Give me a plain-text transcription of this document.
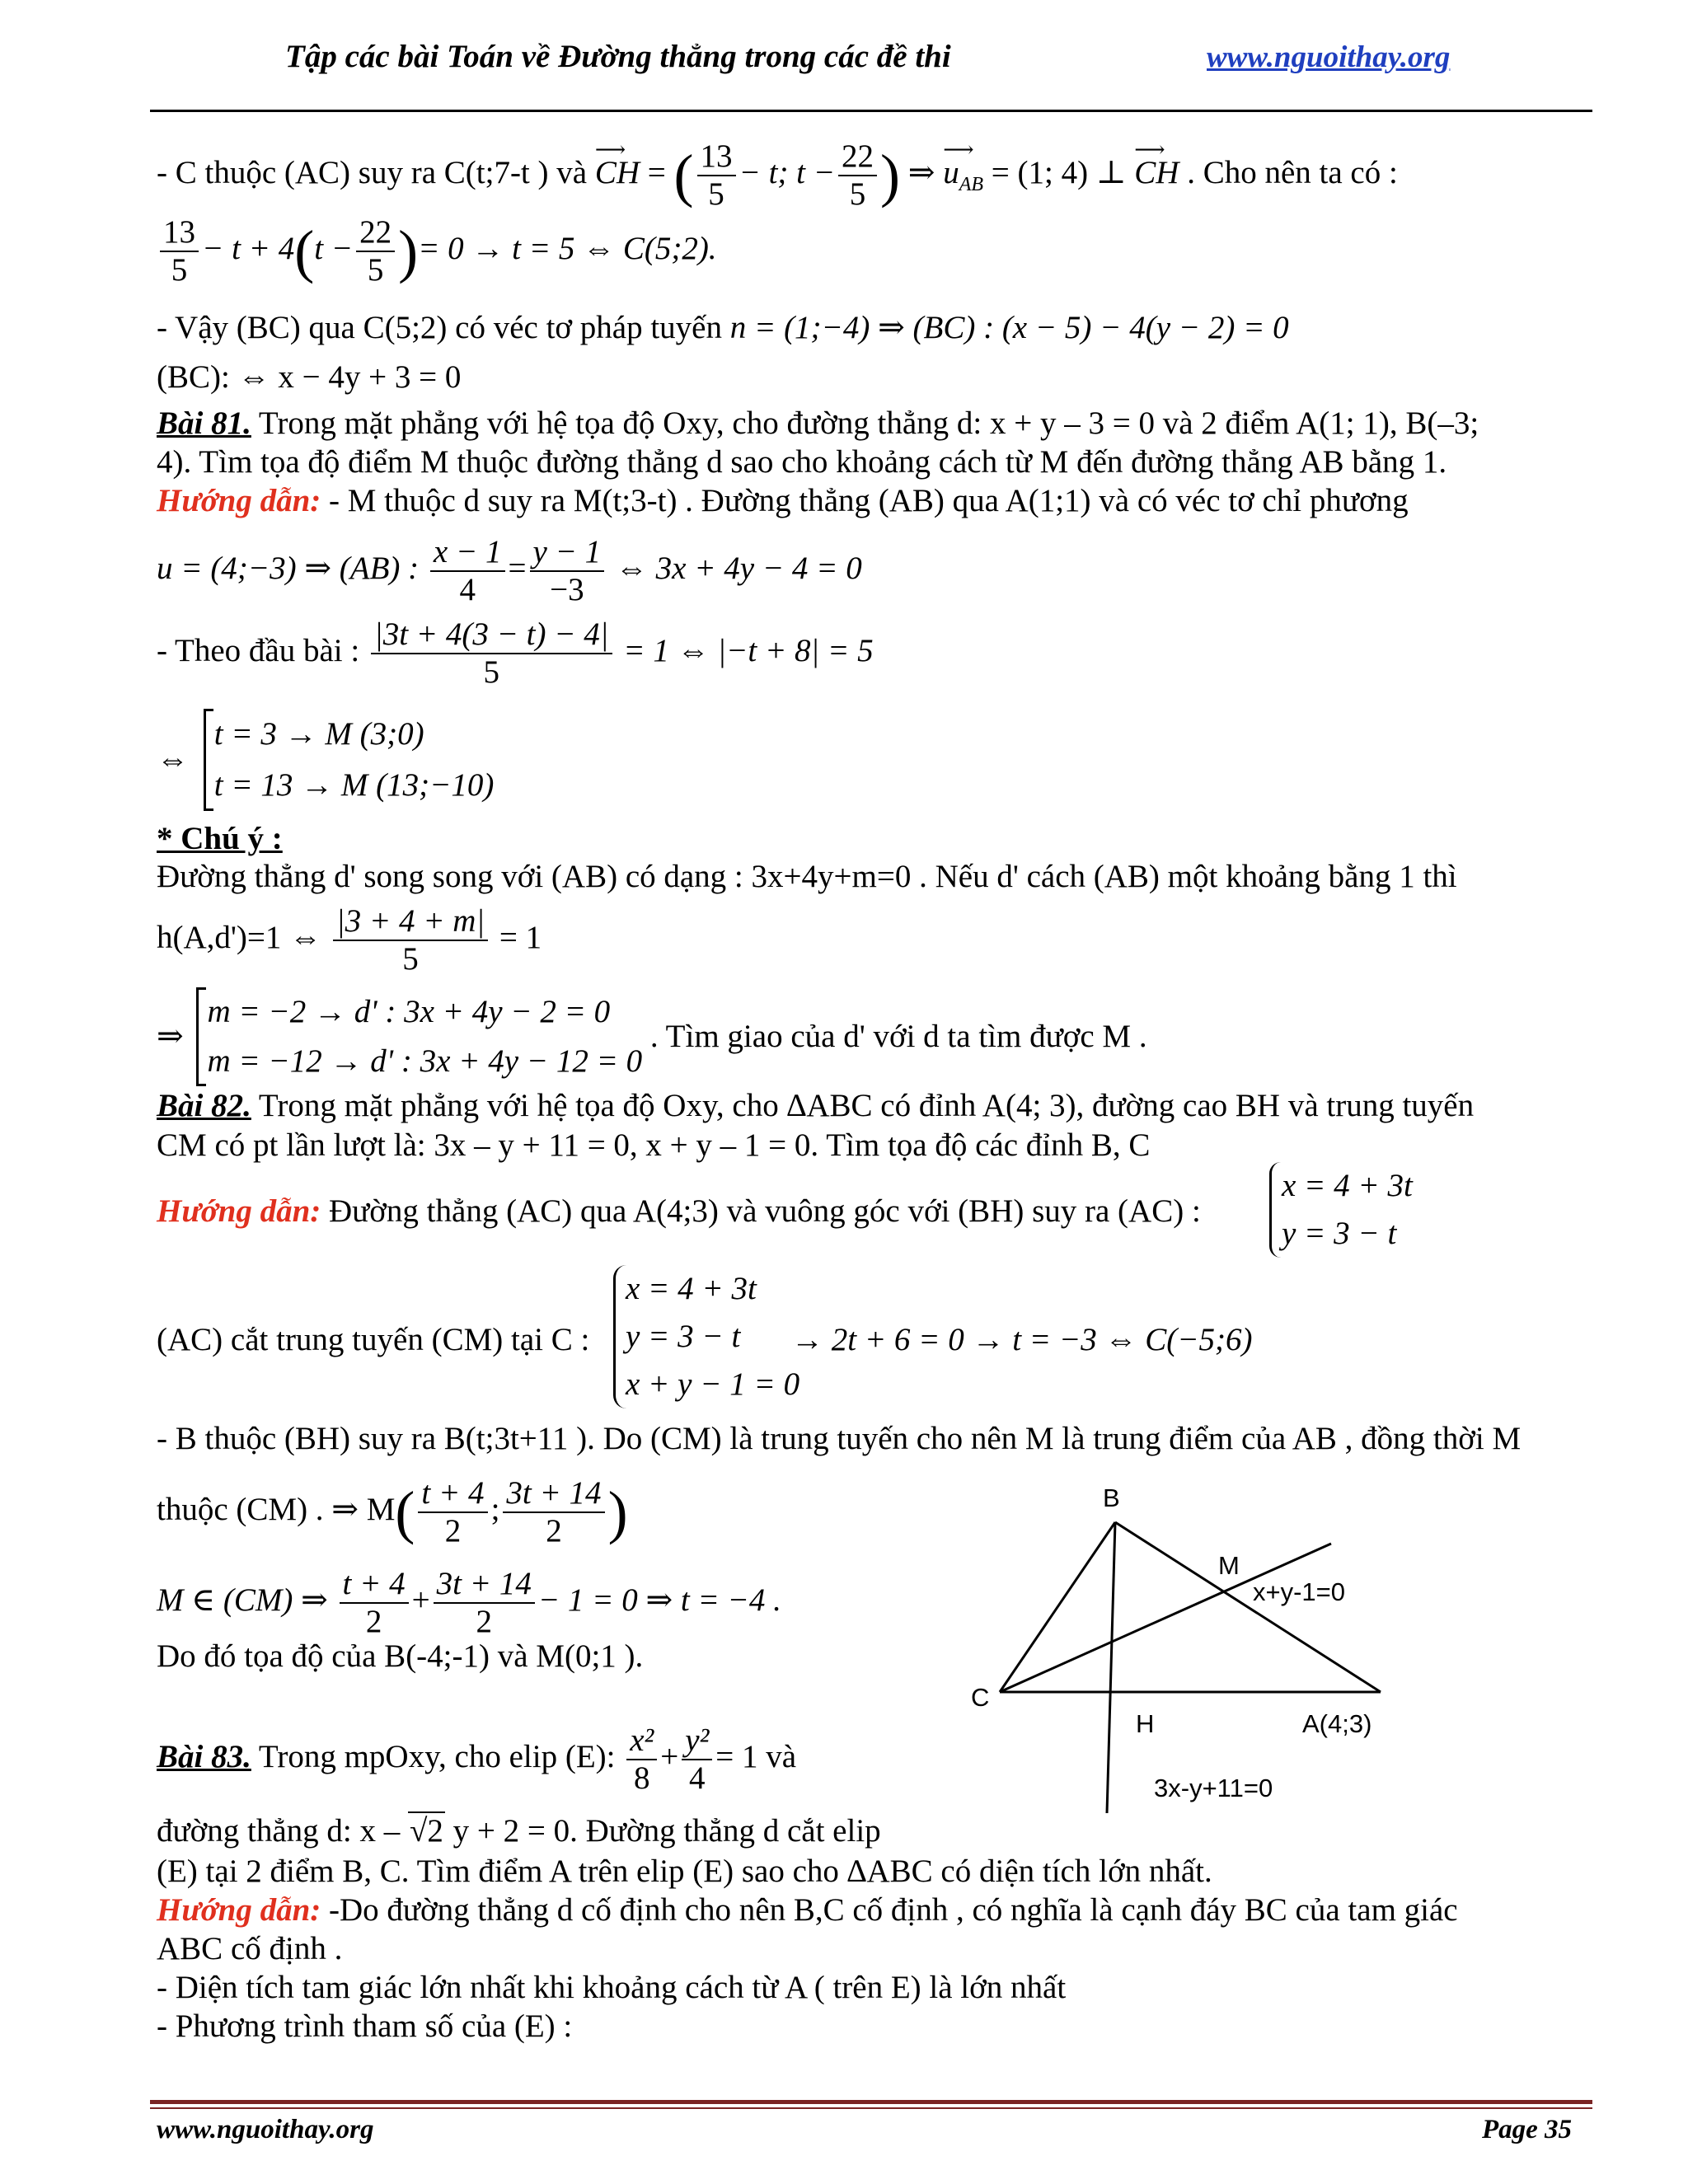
Tập các bài Toán về Đường thẳng trong các đề thi	www.nguoithay.org
- C thuộc (AC) suy ra C(t;7-t ) và
⟶
CH = ( $\frac{13}{5} - t$; $t - \frac{22}{5}$ ) ⇒
⟶
$u_{AB} = (1$; 4) ⊥
⟶
CH . Cho nên ta có :
$\frac{13}{5} - t + 4(t - \frac{22}{5}$ )= 0 → t = 5 ⇔ C(5;2).
- Vậy (BC) qua C(5;2) có véc tơ pháp tuyến n = (1;−4) ⇒ (BC) : (x − 5) − 4(y − 2) = 0
(BC): ⇔ x − 4y + 3 = 0
Bài 81. Trong mặt phẳng với hệ tọa độ Oxy, cho đường thẳng d: x + y – 3 = 0 và 2 điểm A(1; 1), B(–3;
4). Tìm tọa độ điểm M thuộc đường thẳng d sao cho khoảng cách từ M đến đường thẳng AB bằng 1.
Hướng dẫn: - M thuộc d suy ra M(t;3-t) . Đường thẳng (AB) qua A(1;1) và có véc tơ chỉ phương
u = (4;−3) ⇒ (AB) : $\frac{x - 1}{4} = \frac{y - 1}{-3}$ ⇔ 3x + 4y − 4 = 0
- Theo đầu bài : $\frac{|3t + 4(3 - t) - 4|}{5} = 1$ ⇔ |−t + 8| = 5
⇔
t = 3 → M (3;0)
t = 13 → M (13;−10)
* Chú ý :
Đường thẳng d' song song với (AB) có dạng : 3x+4y+m=0 . Nếu d' cách (AB) một khoảng bằng 1 thì
h(A,d')=1 ⇔ $\frac{|3 + 4 + m|}{5} = 1$
⇒
m = −2 → d' : 3x + 4y − 2 = 0
m = −12 → d' : 3x + 4y − 12 = 0
. Tìm giao của d' với d ta tìm được M .
Bài 82. Trong mặt phẳng với hệ tọa độ Oxy, cho ∆ABC có đỉnh A(4; 3), đường cao BH và trung tuyến
CM có pt lần lượt là: 3x – y + 11 = 0, x + y – 1 = 0. Tìm tọa độ các đỉnh B, C
Hướng dẫn: Đường thẳng (AC) qua A(4;3) và vuông góc với (BH) suy ra (AC) :
x = 4 + 3t
y = 3 − t
(AC) cắt trung tuyến (CM) tại C :
x = 4 + 3t
y = 3 − t
x + y − 1 = 0
→ 2t + 6 = 0 → t = −3 ⇔ C(−5;6)
- B thuộc (BH) suy ra B(t;3t+11 ). Do (CM) là trung tuyến cho nên M là trung điểm của AB , đồng thời M
thuộc (CM) . ⇒ $M( \frac{t + 4}{2}$ ; $\frac{3t + 14}{2}$ )
M ∈ (CM) ⇒ $\frac{t + 4}{2} + \frac{3t + 14}{2} - 1 = 0$ ⇒ t = −4 .
Do đó tọa độ của B(-4;-1) và M(0;1 ).
B
M
x+y-1=0
C
H	A(4;3)
3x-y+11=0
Bài 83. Trong mpOxy, cho elip (E): $\frac{\text{x²}}{8} + \frac{\text{y²}}{4} = 1$ và
đường thẳng d: x – √2 y + 2 = 0. Đường thẳng d cắt elip
(E) tại 2 điểm B, C. Tìm điểm A trên elip (E) sao cho ∆ABC có diện tích lớn nhất.
Hướng dẫn: -Do đường thẳng d cố định cho nên B,C cố định , có nghĩa là cạnh đáy BC của tam giác
ABC cố định .
- Diện tích tam giác lớn nhất khi khoảng cách từ A ( trên E) là lớn nhất
- Phương trình tham số của (E) :
www.nguoithay.org	Page 35
